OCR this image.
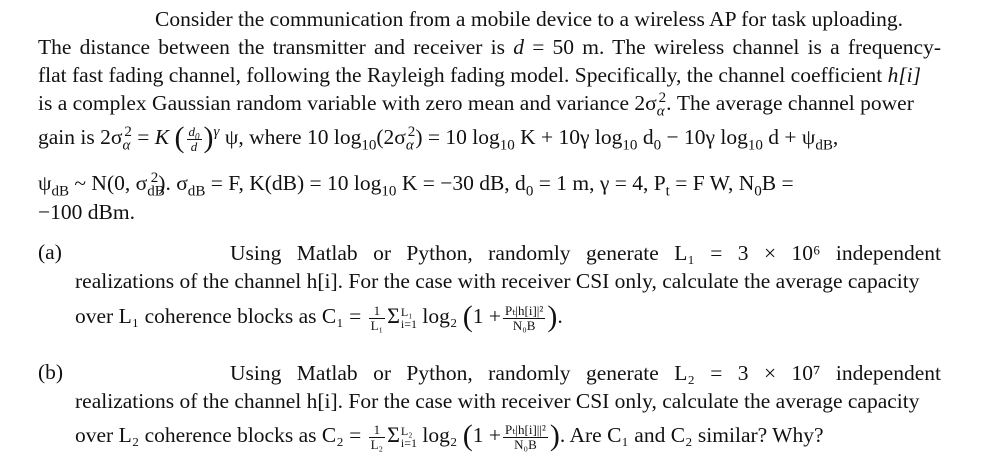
Consider the communication from a mobile device to a wireless AP for task uploading.
The distance between the transmitter and receiver is d = 50 m. The wireless channel is a frequency-
flat fast fading channel, following the Rayleigh fading model. Specifically, the channel coefficient h[i]
is a complex Gaussian random variable with zero mean and variance $2\sigma_\alpha^2$. The average channel power
gain is $2\sigma_\alpha^2 = K$ ( $\frac{d_0}{d} )^\gamma$ ψ, where 10 $\log_{10}(2\sigma_\alpha^2) = 10$ $\log_{10} K + 10\gamma$ $\log_{10} d_0 - 10\gamma$ $\log_{10} d + \psi_{dB}$,
$\psi_{dB}$ ~ N(0, $\sigma_{dB}^2$). $\sigma_{dB} = F$, K(dB) = 10 $\log_{10} K = -30$ dB, $d_0 = 1$ m, γ = 4, $P_t = F$ W, $N_0B$ =
−100 dBm.
(a)	Using Matlab or Python, randomly generate L₁ = 3 × 10⁶ independent
realizations of the channel h[i]. For the case with receiver CSI only, calculate the average capacity
over L₁ coherence blocks as $C_1 = \frac{1}{\text{L₁}}$ Σ L₁
i=1 log₂ ($1 + \frac{\text{Pₜ|h[i]|²}}{\text{N₀B}}$ ).
(b)	Using Matlab or Python, randomly generate L₂ = 3 × 10⁷ independent
realizations of the channel h[i]. For the case with receiver CSI only, calculate the average capacity
over L₂ coherence blocks as $C_2 = \frac{1}{\text{L₂}}$ Σ L₂
i=1 log₂ ($1 + \frac{\text{Pₜ|h[i]||²}}{\text{N₀B}}$ ). Are C₁ and C₂ similar? Why?
